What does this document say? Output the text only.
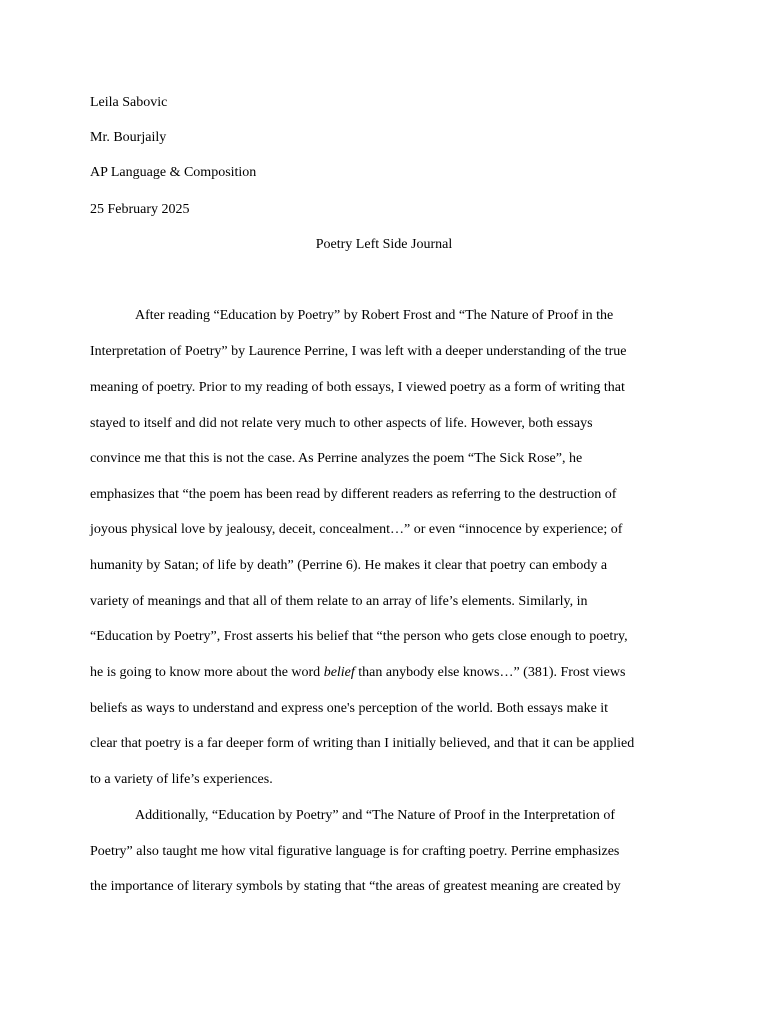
Leila Sabovic
Mr. Bourjaily
AP Language & Composition
25 February 2025
Poetry Left Side Journal
After reading “Education by Poetry” by Robert Frost and “The Nature of Proof in the
Interpretation of Poetry” by Laurence Perrine, I was left with a deeper understanding of the true
meaning of poetry. Prior to my reading of both essays, I viewed poetry as a form of writing that
stayed to itself and did not relate very much to other aspects of life. However, both essays
convince me that this is not the case. As Perrine analyzes the poem “The Sick Rose”, he
emphasizes that “the poem has been read by different readers as referring to the destruction of
joyous physical love by jealousy, deceit, concealment…” or even “innocence by experience; of
humanity by Satan; of life by death” (Perrine 6). He makes it clear that poetry can embody a
variety of meanings and that all of them relate to an array of life’s elements. Similarly, in
“Education by Poetry”, Frost asserts his belief that “the person who gets close enough to poetry,
he is going to know more about the word belief than anybody else knows…” (381). Frost views
beliefs as ways to understand and express one's perception of the world. Both essays make it
clear that poetry is a far deeper form of writing than I initially believed, and that it can be applied
to a variety of life’s experiences.
Additionally, “Education by Poetry” and “The Nature of Proof in the Interpretation of
Poetry” also taught me how vital figurative language is for crafting poetry. Perrine emphasizes
the importance of literary symbols by stating that “the areas of greatest meaning are created by
